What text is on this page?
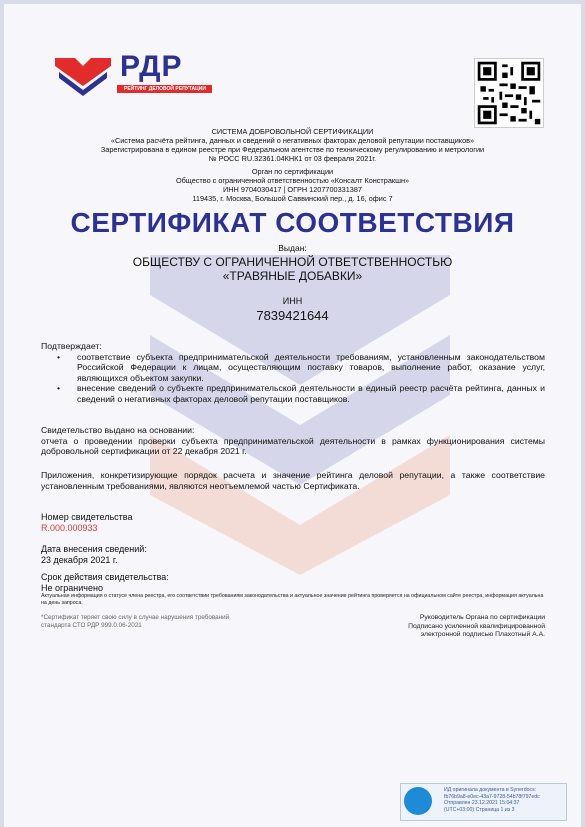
РДР
РЕЙТИНГ ДЕЛОВОЙ РЕПУТАЦИИ
СИСТЕМА ДОБРОВОЛЬНОЙ СЕРТИФИКАЦИИ
«Система расчёта рейтинга, данных и сведений о негативных факторах деловой репутации поставщиков»
Зарегистрирована в едином реестре при Федеральном агентстве по техническому регулированию и метрологии
№ РОСС RU.32361.04КНК1 от 03 февраля 2021г.
Орган по сертификации
Общество с ограниченной ответственностью «Консалт Констракшн»
ИНН 9704030417 | ОГРН 1207700331387
119435, г. Москва, Большой Саввинский пер., д. 16, офис 7
СЕРТИФИКАТ СООТВЕТСТВИЯ
Выдан:
ОБЩЕСТВУ С ОГРАНИЧЕННОЙ ОТВЕТСТВЕННОСТЬЮ
«ТРАВЯНЫЕ ДОБАВКИ»
ИНН
7839421644
Подтверждает:
• соответствие субъекта предпринимательской деятельности требованиям, установленным законодательством Российской Федерации к лицам, осуществляющим поставку товаров, выполнение работ, оказание услуг, являющихся объектом закупки.
• внесение сведений о субъекте предпринимательской деятельности в единый реестр расчёта рейтинга, данных и сведений о негативных факторах деловой репутации поставщиков.
Свидетельство выдано на основании:
отчета о проведении проверки субъекта предпринимательской деятельности в рамках функционирования системы добровольной сертификации от 22 декабря 2021 г.
Приложения, конкретизирующие порядок расчета и значение рейтинга деловой репутации, а также соответствие установленным требованиями, являются неотъемлемой частью Сертификата.
Номер свидетельства
R.000.000933
Дата внесения сведений:
23 декабря 2021 г.
Срок действия свидетельства:
Не ограничено
Актуальная информация о статусе члена реестра, его соответствии требованиям законодательства и актуальное значение рейтинга проверяется на официальном сайте реестра, информация актуальна на день запроса.
*Сертификат теряет свою силу в случае нарушения требований
стандарта СТО РДР 999.0.06-2021
Руководитель Органа по сертификации
Подписано усиленной квалифицированной
электронной подписью Плахотный А.А.
ИД оригинала документа в Synerdocs:
fb76b9a8-e0ec-43a7-9728-54b78f797edc
Отправлен 23.12.2021 15:04:37
(UTC+03:00) Страница 1 из 3
